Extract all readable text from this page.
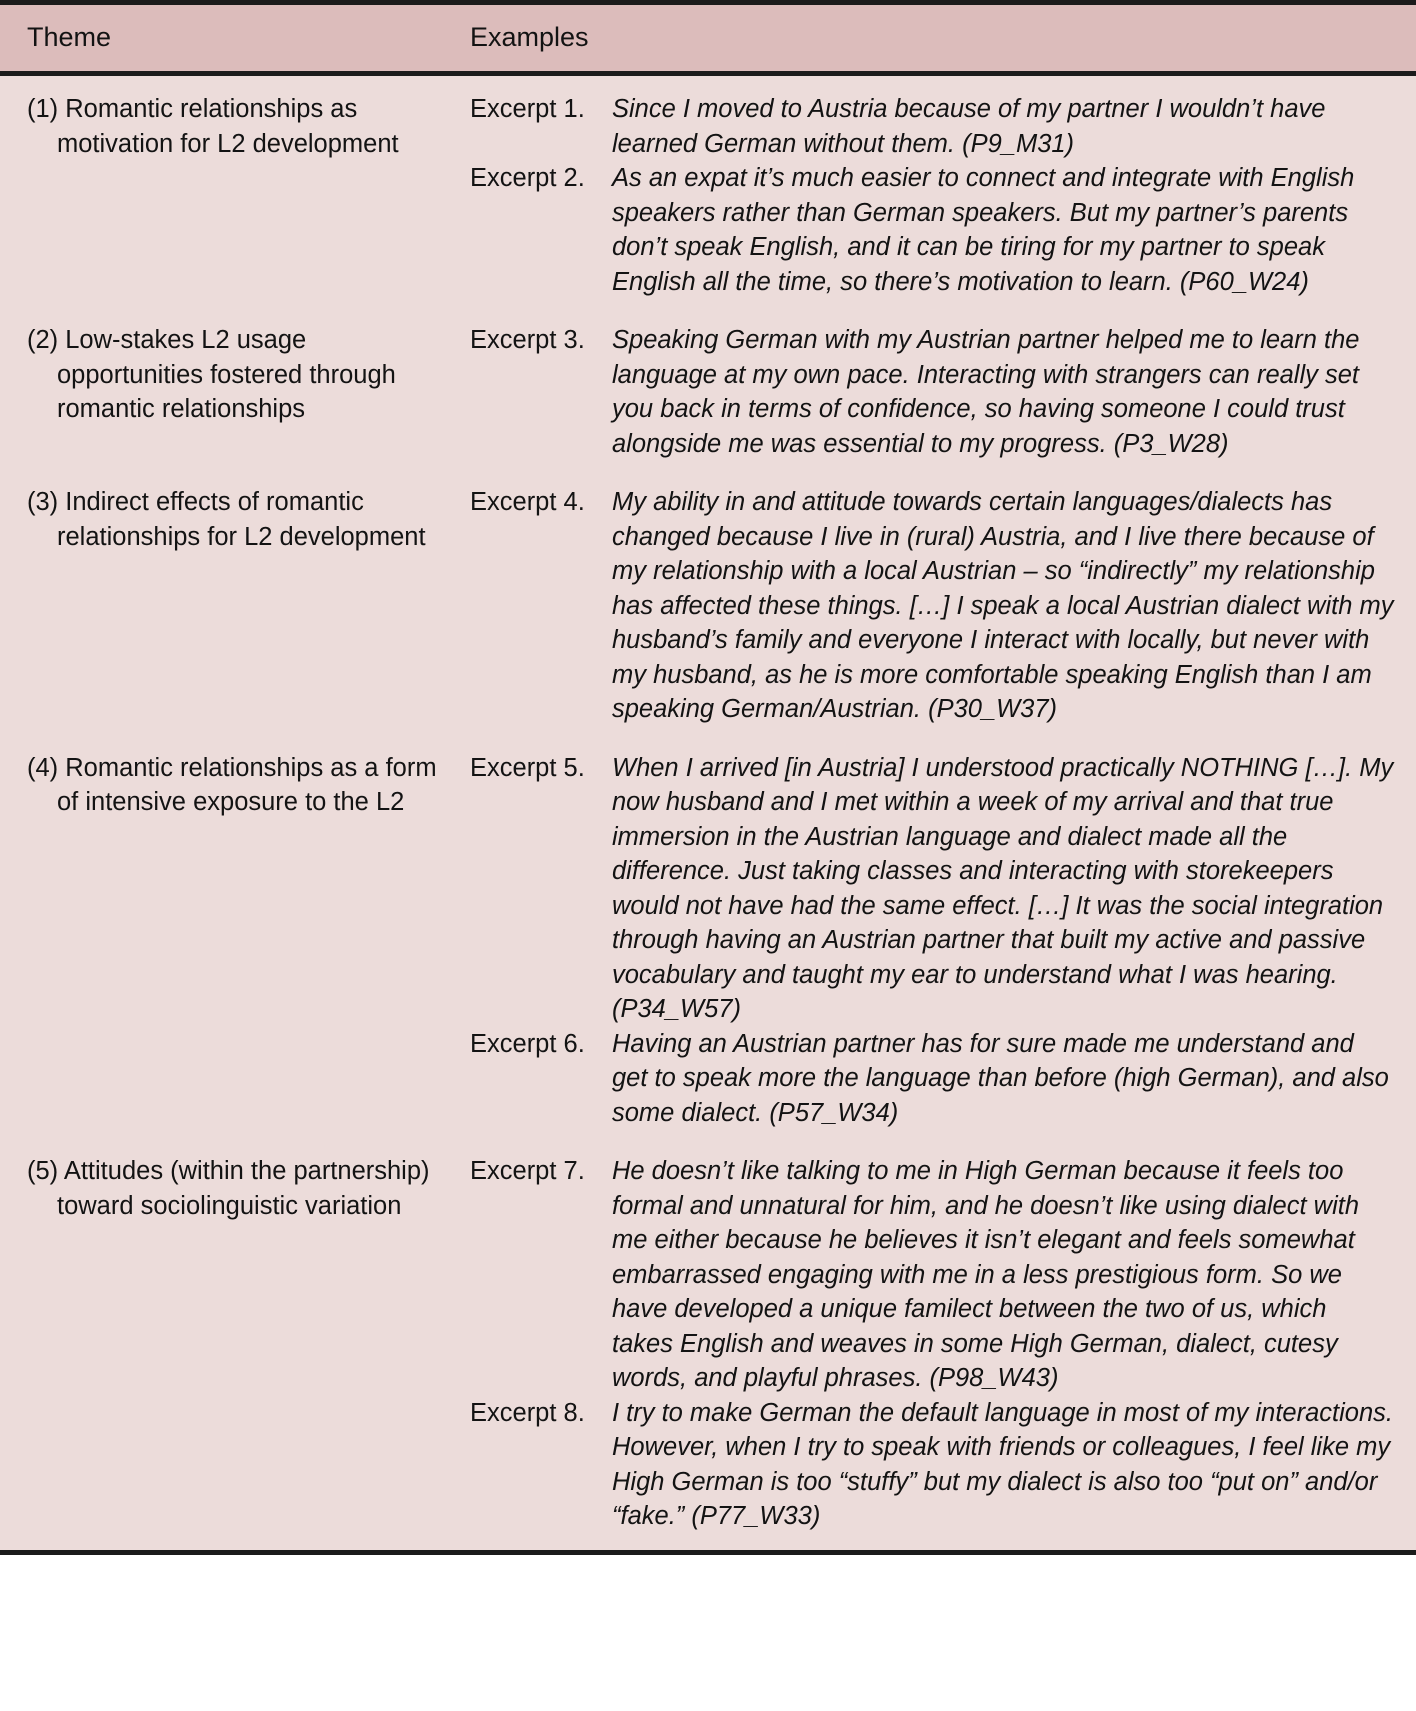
Theme	Examples
(1) Romantic relationships as motivation for L2 development	Excerpt 1. Since I moved to Austria because of my partner I wouldn’t have learned German without them. (P9_M31)
Excerpt 2. As an expat it’s much easier to connect and integrate with English speakers rather than German speakers. But my partner’s parents don’t speak English, and it can be tiring for my partner to speak English all the time, so there’s motivation to learn. (P60_W24)

(2) Low-stakes L2 usage opportunities fostered through romantic relationships	Excerpt 3. Speaking German with my Austrian partner helped me to learn the language at my own pace. Interacting with strangers can really set you back in terms of confidence, so having someone I could trust alongside me was essential to my progress. (P3_W28)

(3) Indirect effects of romantic relationships for L2 development	Excerpt 4. My ability in and attitude towards certain languages/dialects has changed because I live in (rural) Austria, and I live there because of my relationship with a local Austrian – so “indirectly” my relationship has affected these things. […] I speak a local Austrian dialect with my husband’s family and everyone I interact with locally, but never with my husband, as he is more comfortable speaking English than I am speaking German/Austrian. (P30_W37)

(4) Romantic relationships as a form of intensive exposure to the L2	Excerpt 5. When I arrived [in Austria] I understood practically NOTHING […]. My now husband and I met within a week of my arrival and that true immersion in the Austrian language and dialect made all the difference. Just taking classes and interacting with storekeepers would not have had the same effect. […] It was the social integration through having an Austrian partner that built my active and passive vocabulary and taught my ear to understand what I was hearing. (P34_W57)
Excerpt 6. Having an Austrian partner has for sure made me understand and get to speak more the language than before (high German), and also some dialect. (P57_W34)

(5) Attitudes (within the partnership) toward sociolinguistic variation	Excerpt 7. He doesn’t like talking to me in High German because it feels too formal and unnatural for him, and he doesn’t like using dialect with me either because he believes it isn’t elegant and feels somewhat embarrassed engaging with me in a less prestigious form. So we have developed a unique familect between the two of us, which takes English and weaves in some High German, dialect, cutesy words, and playful phrases. (P98_W43)
Excerpt 8. I try to make German the default language in most of my interactions. However, when I try to speak with friends or colleagues, I feel like my High German is too “stuffy” but my dialect is also too “put on” and/or “fake.” (P77_W33)
